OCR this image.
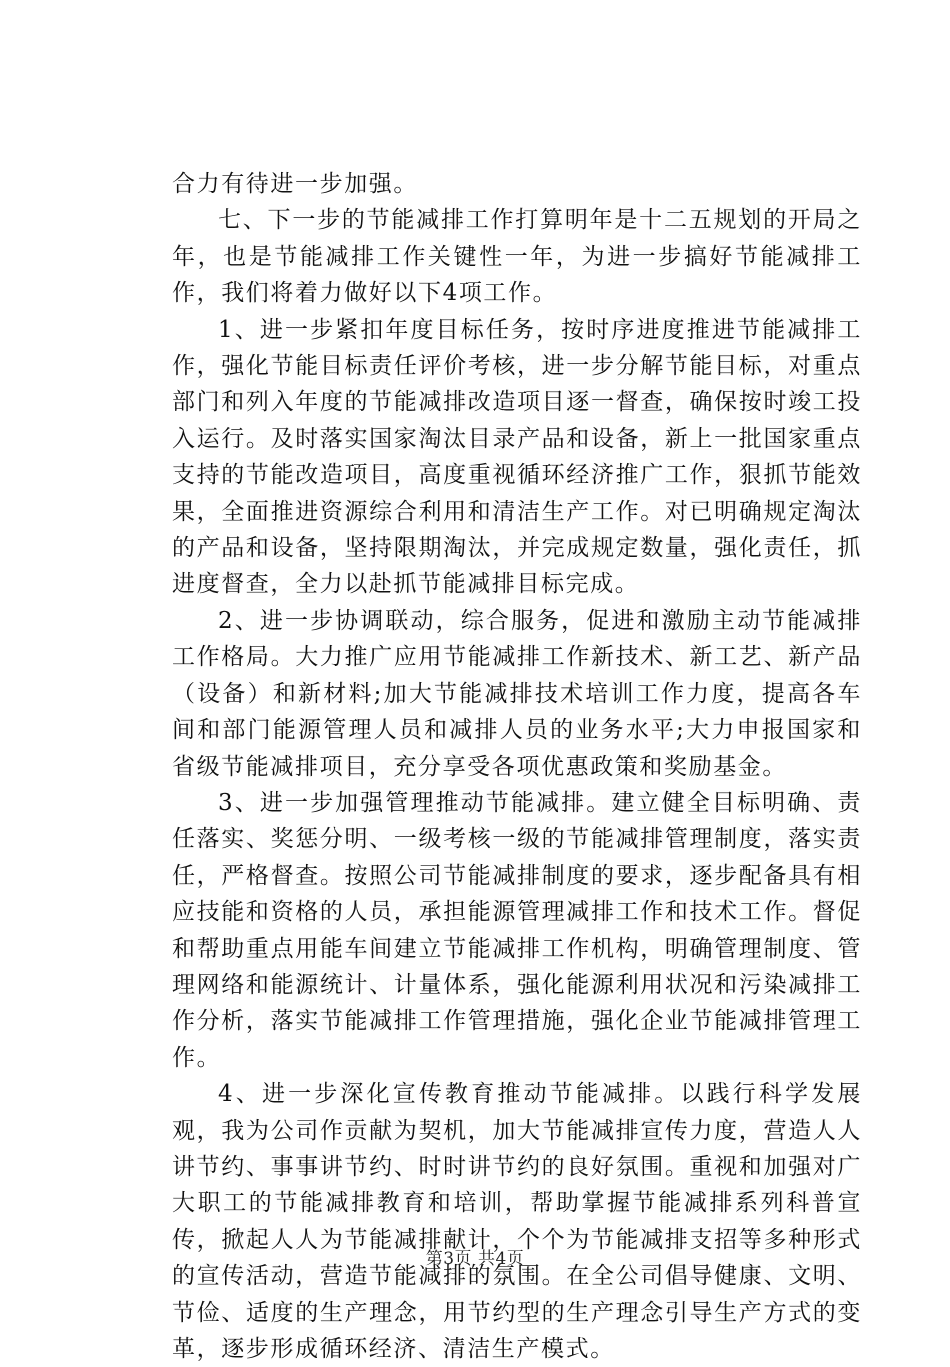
合力有待进一步加强。

七、下一步的节能减排工作打算明年是十二五规划的开局之年，也是节能减排工作关键性一年，为进一步搞好节能减排工作，我们将着力做好以下4项工作。

1、进一步紧扣年度目标任务，按时序进度推进节能减排工作，强化节能目标责任评价考核，进一步分解节能目标，对重点部门和列入年度的节能减排改造项目逐一督查，确保按时竣工投入运行。及时落实国家淘汰目录产品和设备，新上一批国家重点支持的节能改造项目，高度重视循环经济推广工作，狠抓节能效果，全面推进资源综合利用和清洁生产工作。对已明确规定淘汰的产品和设备，坚持限期淘汰，并完成规定数量，强化责任，抓进度督查，全力以赴抓节能减排目标完成。

2、进一步协调联动，综合服务，促进和激励主动节能减排工作格局。大力推广应用节能减排工作新技术、新工艺、新产品（设备）和新材料;加大节能减排技术培训工作力度，提高各车间和部门能源管理人员和减排人员的业务水平;大力申报国家和省级节能减排项目，充分享受各项优惠政策和奖励基金。

3、进一步加强管理推动节能减排。建立健全目标明确、责任落实、奖惩分明、一级考核一级的节能减排管理制度，落实责任，严格督查。按照公司节能减排制度的要求，逐步配备具有相应技能和资格的人员，承担能源管理减排工作和技术工作。督促和帮助重点用能车间建立节能减排工作机构，明确管理制度、管理网络和能源统计、计量体系，强化能源利用状况和污染减排工作分析，落实节能减排工作管理措施，强化企业节能减排管理工作。

4、进一步深化宣传教育推动节能减排。以践行科学发展观，我为公司作贡献为契机，加大节能减排宣传力度，营造人人讲节约、事事讲节约、时时讲节约的良好氛围。重视和加强对广大职工的节能减排教育和培训，帮助掌握节能减排系列科普宣传，掀起人人为节能减排献计，个个为节能减排支招等多种形式的宣传活动，营造节能减排的氛围。在全公司倡导健康、文明、节俭、适度的生产理念，用节约型的生产理念引导生产方式的变革，逐步形成循环经济、清洁生产模式。

第3页 共4页
